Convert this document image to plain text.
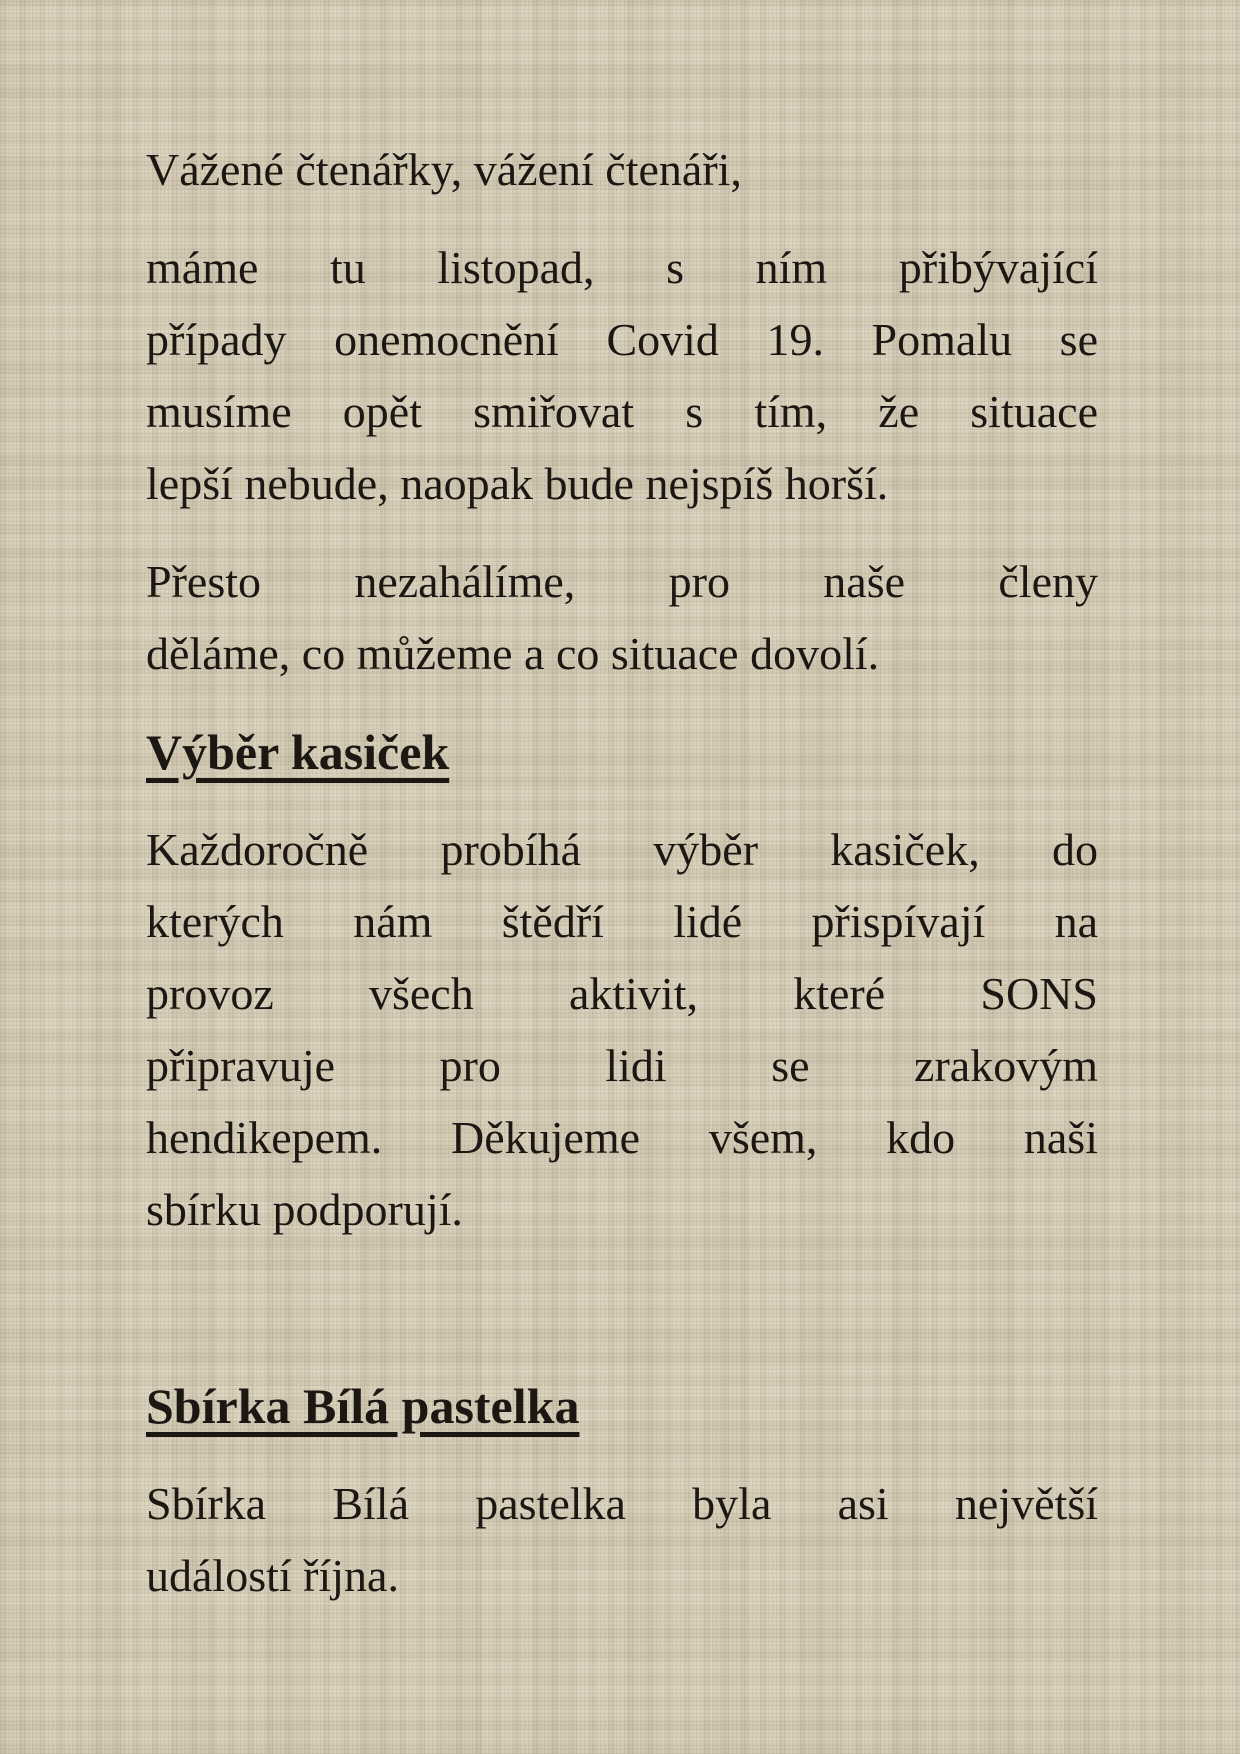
Vážené čtenářky, vážení čtenáři,
máme tu listopad, s ním přibývající
případy onemocnění Covid 19. Pomalu se
musíme opět smiřovat s tím, že situace
lepší nebude, naopak bude nejspíš horší.
Přesto nezahálíme, pro naše členy
děláme, co můžeme a co situace dovolí.
Výběr kasiček
Každoročně probíhá výběr kasiček, do
kterých nám štědří lidé přispívají na
provoz všech aktivit, které SONS
připravuje pro lidi se zrakovým
hendikepem. Děkujeme všem, kdo naši
sbírku podporují.
Sbírka Bílá pastelka
Sbírka Bílá pastelka byla asi největší
událostí října.
